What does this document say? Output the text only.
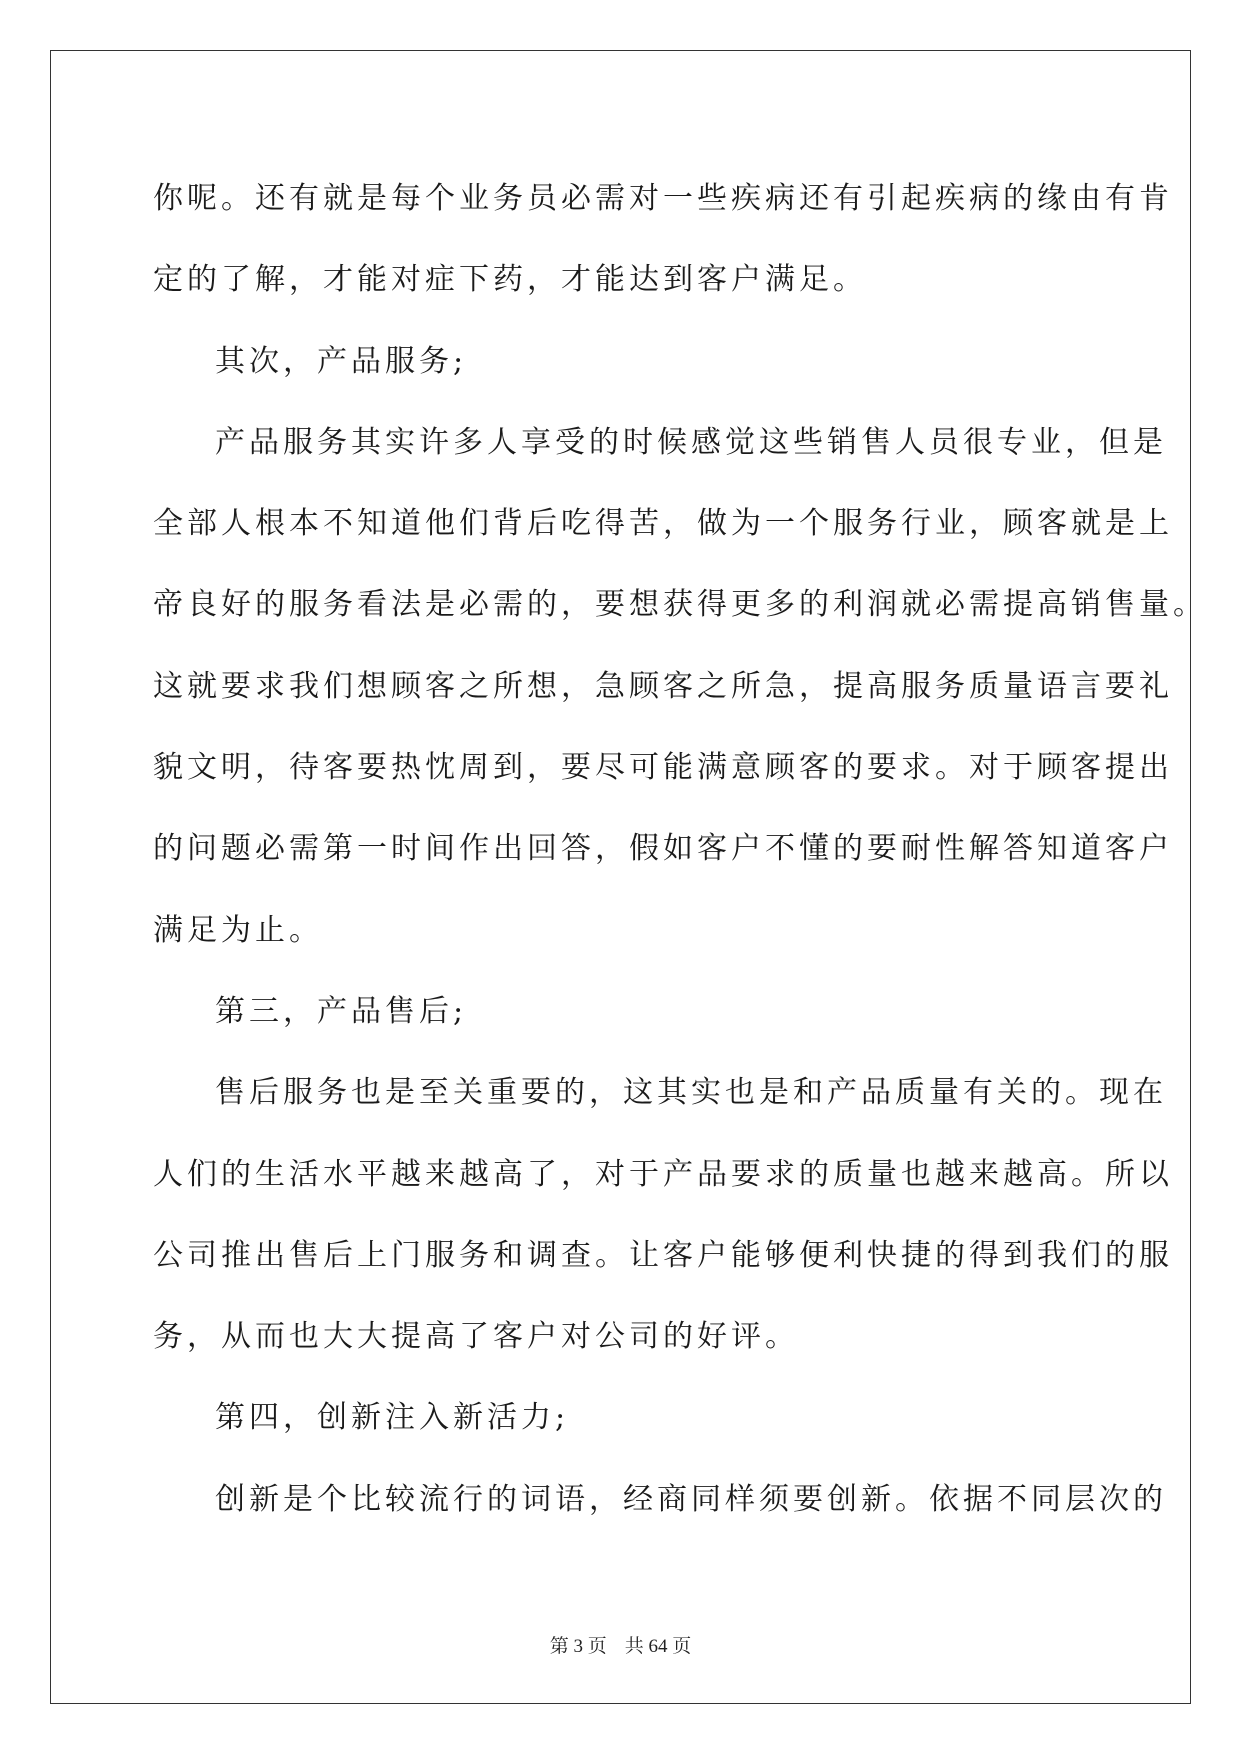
你呢。还有就是每个业务员必需对一些疾病还有引起疾病的缘由有肯
定的了解，才能对症下药，才能达到客户满足。
其次，产品服务;
产品服务其实许多人享受的时候感觉这些销售人员很专业，但是
全部人根本不知道他们背后吃得苦，做为一个服务行业，顾客就是上
帝良好的服务看法是必需的，要想获得更多的利润就必需提高销售量。
这就要求我们想顾客之所想，急顾客之所急，提高服务质量语言要礼
貌文明，待客要热忱周到，要尽可能满意顾客的要求。对于顾客提出
的问题必需第一时间作出回答，假如客户不懂的要耐性解答知道客户
满足为止。
第三，产品售后;
售后服务也是至关重要的，这其实也是和产品质量有关的。现在
人们的生活水平越来越高了，对于产品要求的质量也越来越高。所以
公司推出售后上门服务和调查。让客户能够便利快捷的得到我们的服
务，从而也大大提高了客户对公司的好评。
第四，创新注入新活力;
创新是个比较流行的词语，经商同样须要创新。依据不同层次的
第 3 页 共 64 页
